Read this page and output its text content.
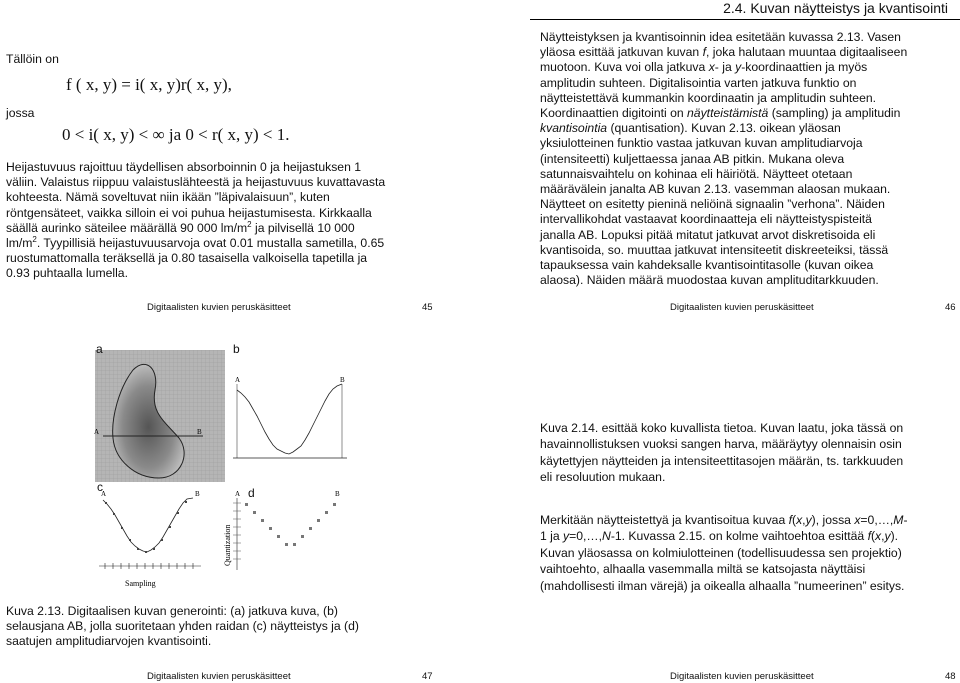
2.4. Kuvan näytteistys ja kvantisointi
Tällöin on
f ( x, y) = i( x, y)r( x, y),
jossa
0 < i( x, y) < ∞ ja 0 < r( x, y) < 1.
Heijastuvuus rajoittuu täydellisen absorboinnin 0 ja heijastuksen 1
väliin. Valaistus riippuu valaistuslähteestä ja heijastuvuus kuvattavasta
kohteesta. Nämä soveltuvat niin ikään ”läpivalaisuun”, kuten
röntgensäteet, vaikka silloin ei voi puhua heijastumisesta. Kirkkaalla
säällä aurinko säteilee määrällä 90 000 $lm/m^2$ ja pilvisellä 10 000
$lm/m^2$. Tyypillisiä heijastuvuusarvoja ovat 0.01 mustalla sametilla, 0.65
ruostumattomalla teräksellä ja 0.80 tasaisella valkoisella tapetilla ja
0.93 puhtaalla lumella.
Digitaalisten kuvien peruskäsitteet	45
Näytteistyksen ja kvantisoinnin idea esitetään kuvassa 2.13. Vasen
yläosa esittää jatkuvan kuvan f, joka halutaan muuntaa digitaaliseen
muotoon. Kuva voi olla jatkuva x- ja y-koordinaattien ja myös
amplitudin suhteen. Digitalisointia varten jatkuva funktio on
näytteistettävä kummankin koordinaatin ja amplitudin suhteen.
Koordinaattien digitointi on näytteistämistä (sampling) ja amplitudin
kvantisointia (quantisation). Kuvan 2.13. oikean yläosan
yksiulotteinen funktio vastaa jatkuvan kuvan amplitudiarvoja
(intensiteetti) kuljettaessa janaa AB pitkin. Mukana oleva
satunnaisvaihtelu on kohinaa eli häiriötä. Näytteet otetaan
määrävälein janalta AB kuvan 2.13. vasemman alaosan mukaan.
Näytteet on esitetty pieninä neliöinä signaalin ”verhona”. Näiden
intervallikohdat vastaavat koordinaatteja eli näytteistyspisteitä
janalla AB. Lopuksi pitää mitatut jatkuvat arvot diskretisoida eli
kvantisoida, so. muuttaa jatkuvat intensiteetit diskreeteiksi, tässä
tapauksessa vain kahdeksalle kvantisointitasolle (kuvan oikea
alaosa). Näiden määrä muodostaa kuvan amplituditarkkuuden.
Digitaalisten kuvien peruskäsitteet	46
A	B
A	B
A	B
Sampling
A	B
Quantization
a	b
c	d
Kuva 2.13. Digitaalisen kuvan generointi: (a) jatkuva kuva, (b)
selausjana AB, jolla suoritetaan yhden raidan (c) näytteistys ja (d)
saatujen amplitudiarvojen kvantisointi.
Digitaalisten kuvien peruskäsitteet	47
Kuva 2.14. esittää koko kuvallista tietoa. Kuvan laatu, joka tässä on
havainnollistuksen vuoksi sangen harva, määräytyy olennaisin osin
käytettyjen näytteiden ja intensiteettitasojen määrän, ts. tarkkuuden
eli resoluution mukaan.
Merkitään näytteistettyä ja kvantisoitua kuvaa f(x,y), jossa x=0,…,M-
1 ja y=0,…,N-1. Kuvassa 2.15. on kolme vaihtoehtoa esittää f(x,y).
Kuvan yläosassa on kolmiulotteinen (todellisuudessa sen projektio)
vaihtoehto, alhaalla vasemmalla miltä se katsojasta näyttäisi
(mahdollisesti ilman värejä) ja oikealla alhaalla ”numeerinen” esitys.
Digitaalisten kuvien peruskäsitteet	48
